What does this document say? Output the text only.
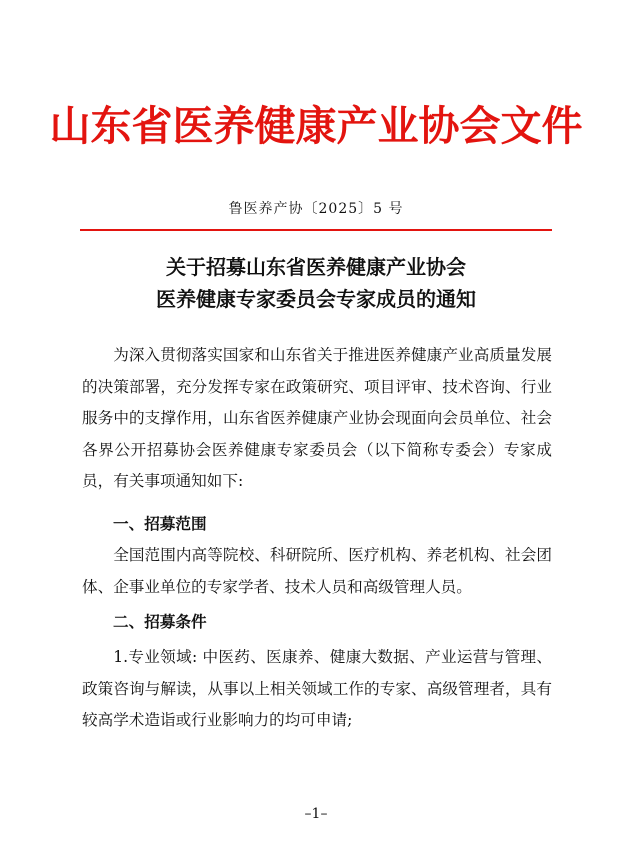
山东省医养健康产业协会文件
鲁医养产协〔2025〕5 号
关于招募山东省医养健康产业协会
医养健康专家委员会专家成员的通知
为深入贯彻落实国家和山东省关于推进医养健康产业高质量发展的决策部署，充分发挥专家在政策研究、项目评审、技术咨询、行业服务中的支撑作用，山东省医养健康产业协会现面向会员单位、社会各界公开招募协会医养健康专家委员会（以下简称专委会）专家成员，有关事项通知如下:
一、招募范围
全国范围内高等院校、科研院所、医疗机构、养老机构、社会团体、企事业单位的专家学者、技术人员和高级管理人员。
二、招募条件
1.专业领域: 中医药、医康养、健康大数据、产业运营与管理、政策咨询与解读，从事以上相关领域工作的专家、高级管理者，具有较高学术造诣或行业影响力的均可申请;
–1–
